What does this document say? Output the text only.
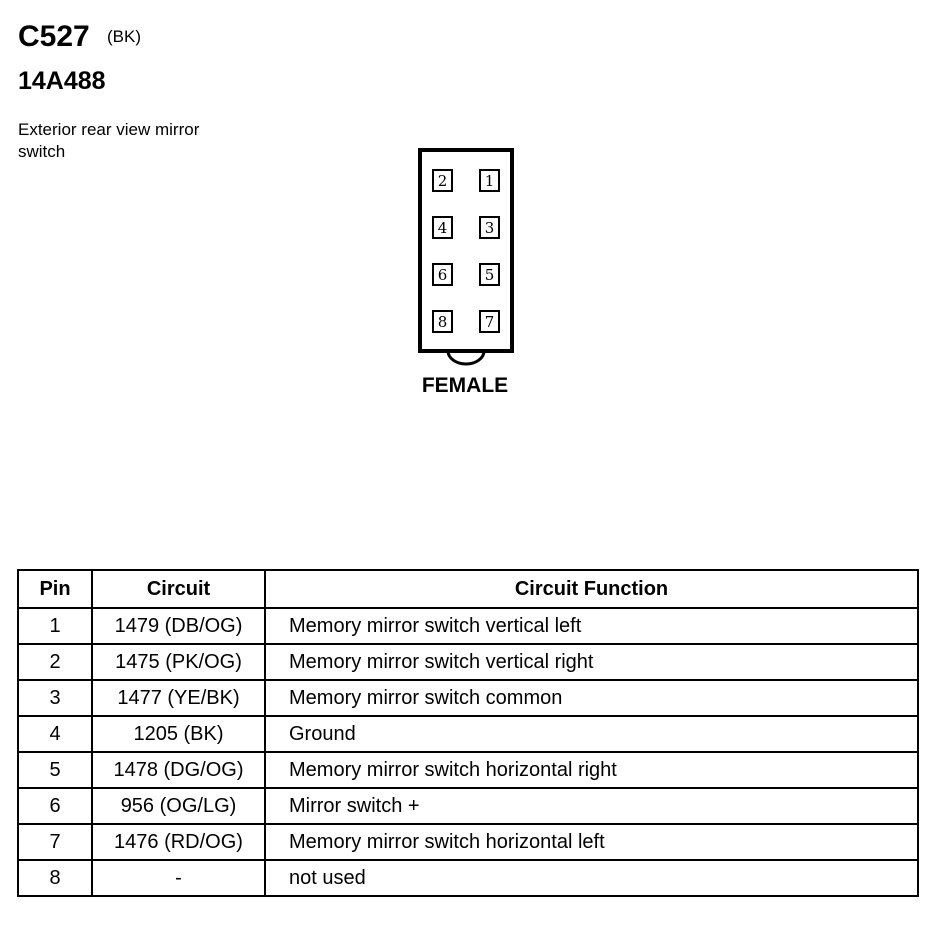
C527 (BK)
14A488
Exterior rear view mirror switch
2 1
4 3
6 5
8 7
FEMALE
Pin	Circuit	Circuit Function
1	1479 (DB/OG)	Memory mirror switch vertical left
2	1475 (PK/OG)	Memory mirror switch vertical right
3	1477 (YE/BK)	Memory mirror switch common
4	1205 (BK)	Ground
5	1478 (DG/OG)	Memory mirror switch horizontal right
6	956 (OG/LG)	Mirror switch +
7	1476 (RD/OG)	Memory mirror switch horizontal left
8	-	not used
